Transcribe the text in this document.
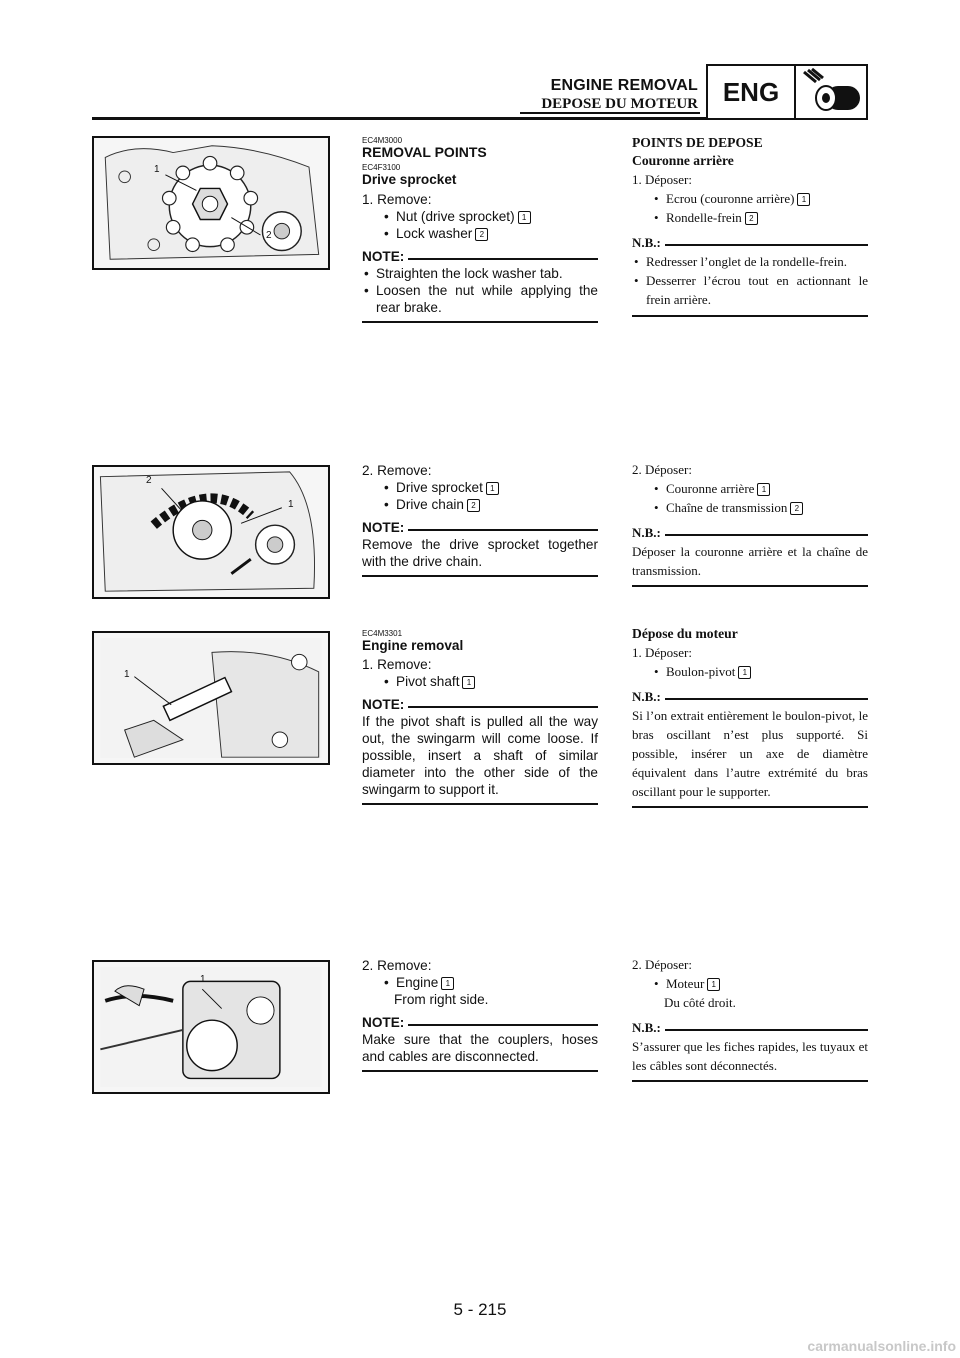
ENGINE REMOVAL
DEPOSE DU MOTEUR ENG
1
2
2
1
1
1

EC4M3000

REMOVAL POINTS

EC4F3100

Drive sprocket

1. Remove:

• Nut (drive sprocket) 1

• Lock washer 2

NOTE:

• Straighten the lock washer tab.

• Loosen the nut while applying the rear brake.

POINTS DE DEPOSE

Couronne arrière

1. Déposer:

• Ecrou (couronne arrière) 1

• Rondelle-frein 2

N.B.:

• Redresser l’onglet de la rondelle-frein.

• Desserrer l’écrou tout en actionnant le frein arrière.

2. Remove:

• Drive sprocket 1

• Drive chain 2

NOTE:

Remove the drive sprocket together with the drive chain.

2. Déposer:

• Couronne arrière 1

• Chaîne de transmission 2

N.B.:

Déposer la couronne arrière et la chaîne de transmission.

EC4M3301

Engine removal

1. Remove:

• Pivot shaft 1

NOTE:

If the pivot shaft is pulled all the way out, the swingarm will come loose. If possible, insert a shaft of similar diameter into the other side of the swingarm to support it.

Dépose du moteur

1. Déposer:

• Boulon-pivot 1

N.B.:

Si l’on extrait entièrement le boulon-pivot, le bras oscillant n’est plus supporté. Si possible, insérer un axe de diamètre équivalent dans l’autre extrémité du bras oscillant pour le supporter.

2. Remove:

• Engine 1

From right side.

NOTE:

Make sure that the couplers, hoses and cables are disconnected.

2. Déposer:

• Moteur 1

Du côté droit.

N.B.:

S’assurer que les fiches rapides, les tuyaux et les câbles sont déconnectés.

5 - 215
carmanualsonline.info
